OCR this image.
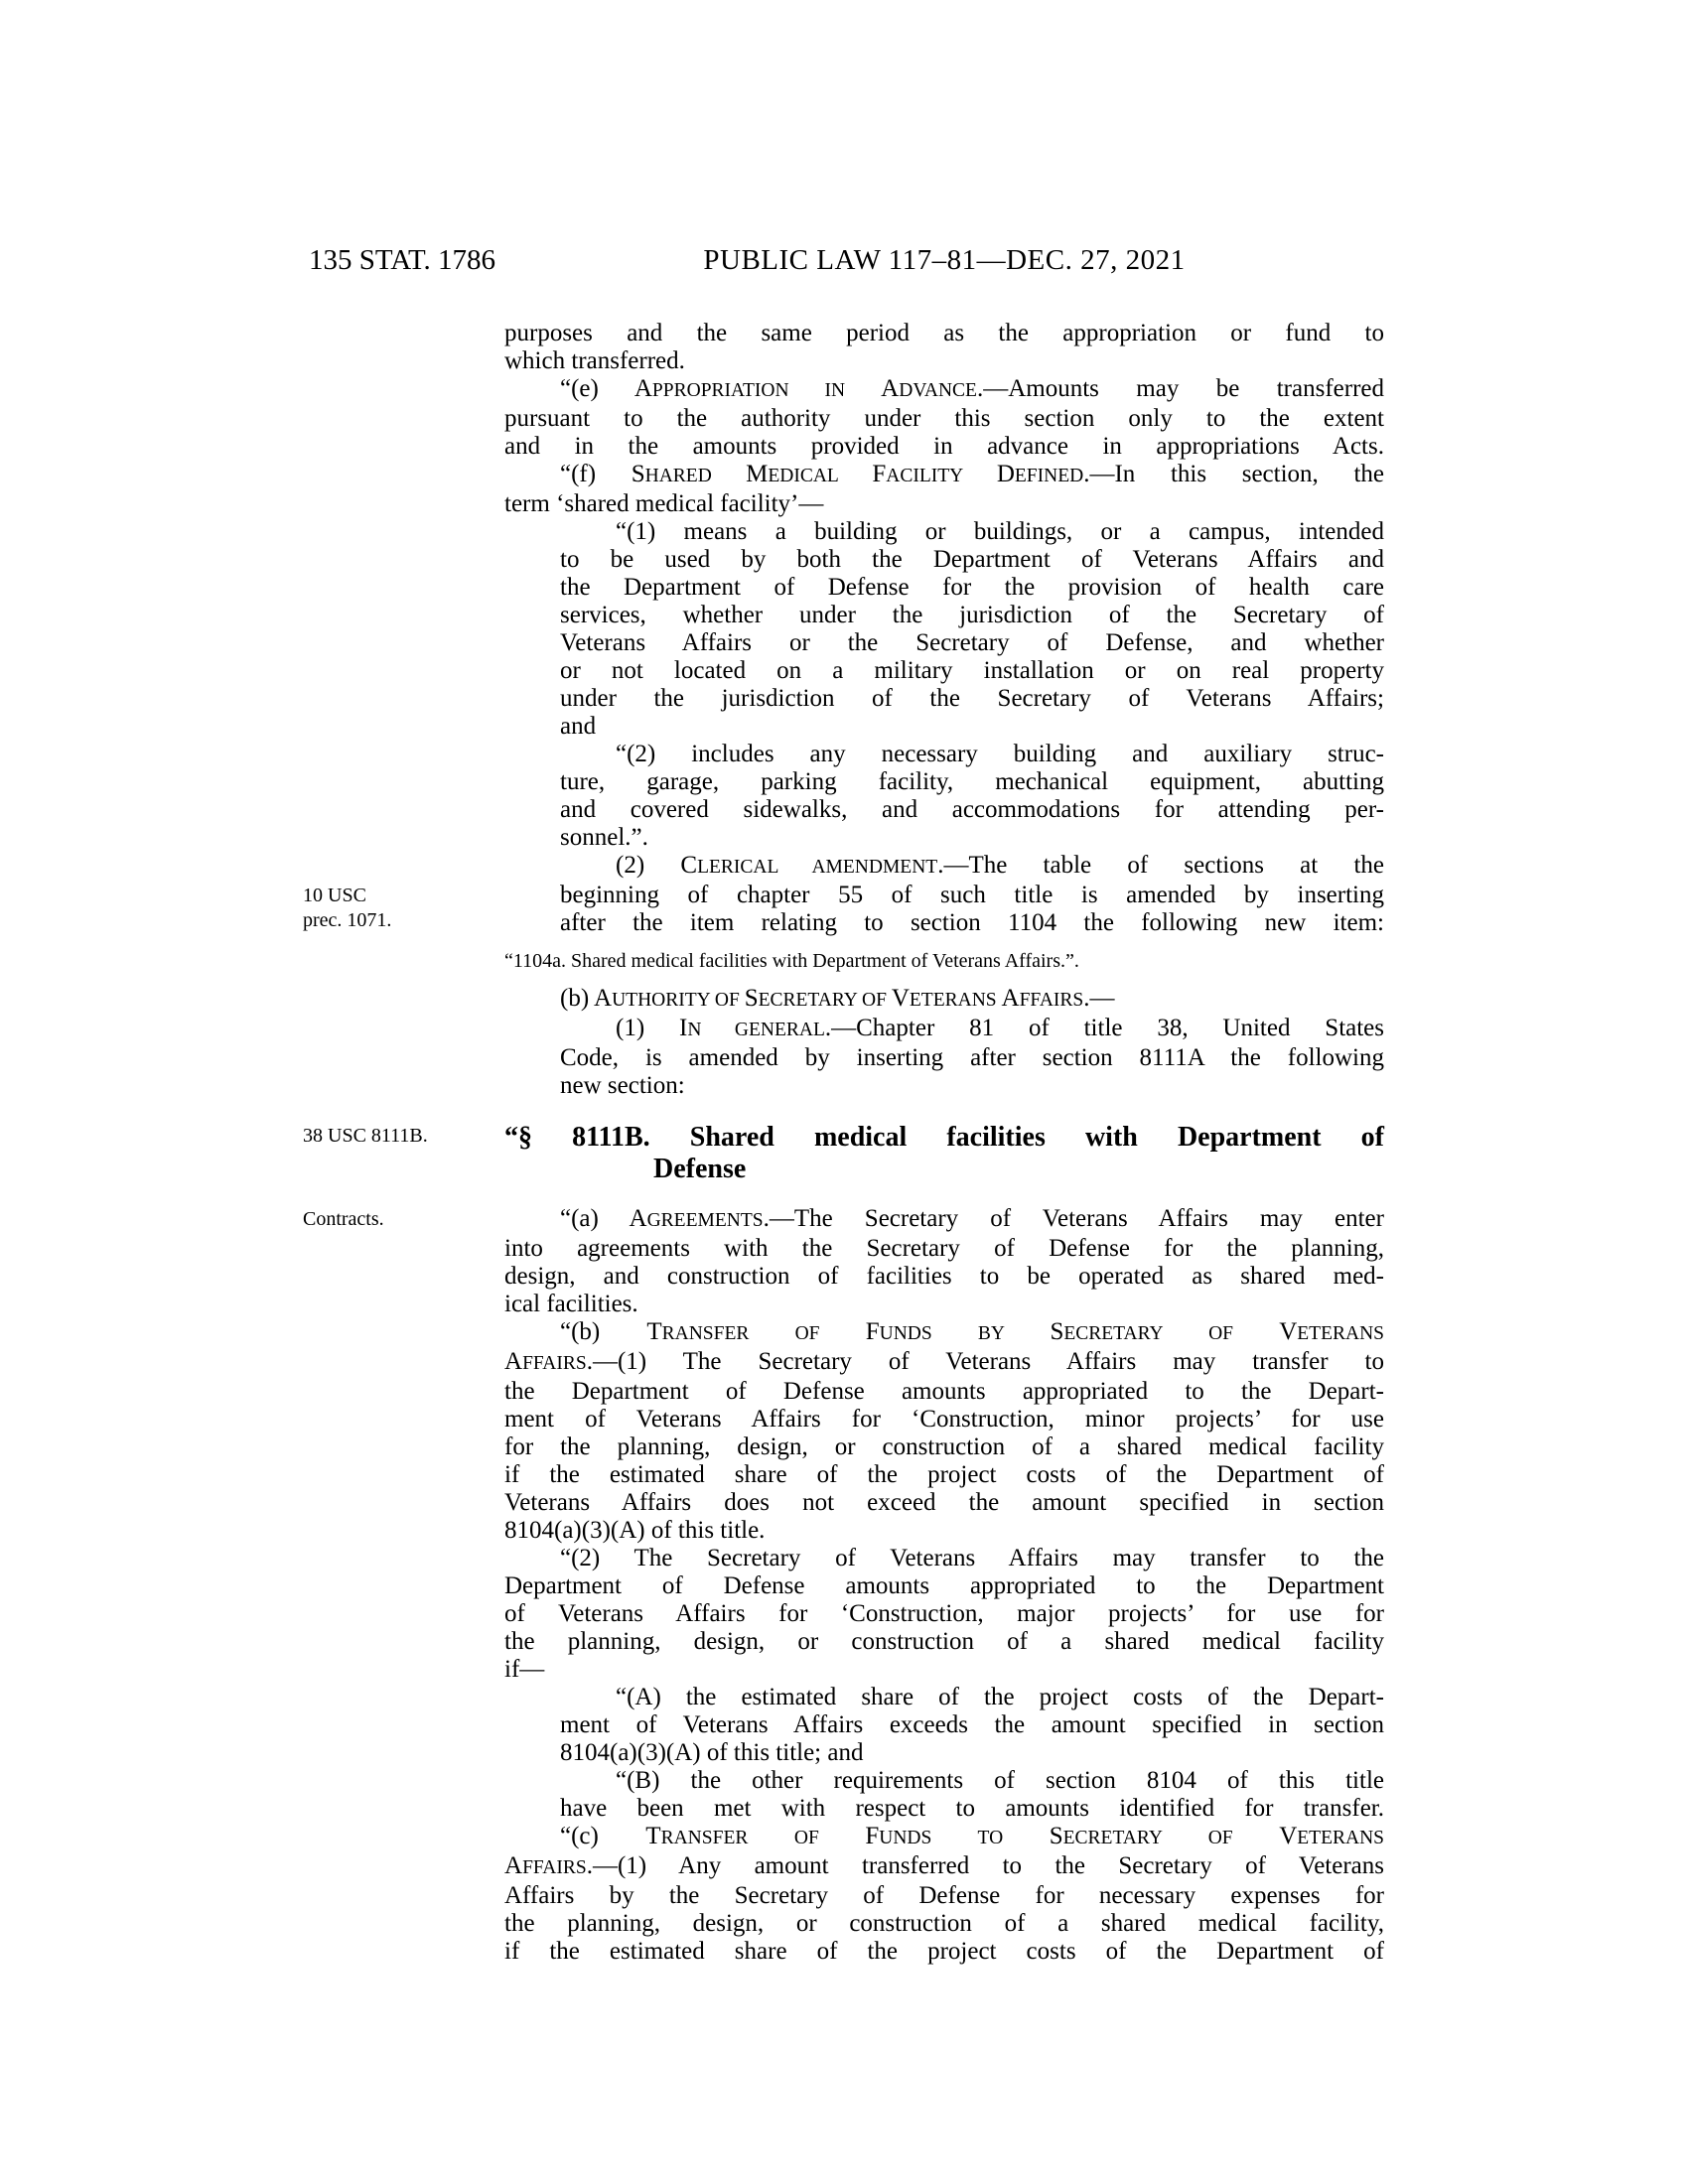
135 STAT. 1786	PUBLIC LAW 117–81—DEC. 27, 2021
10 USC
prec. 1071.
38 USC 8111B.
Contracts.
purposes and the same period as the appropriation or fund to
which transferred.
“(e) APPROPRIATION IN ADVANCE.—Amounts may be transferred
pursuant to the authority under this section only to the extent
and in the amounts provided in advance in appropriations Acts.
“(f) SHARED MEDICAL FACILITY DEFINED.—In this section, the
term ‘shared medical facility’—
“(1) means a building or buildings, or a campus, intended
to be used by both the Department of Veterans Affairs and
the Department of Defense for the provision of health care
services, whether under the jurisdiction of the Secretary of
Veterans Affairs or the Secretary of Defense, and whether
or not located on a military installation or on real property
under the jurisdiction of the Secretary of Veterans Affairs;
and
“(2) includes any necessary building and auxiliary struc-
ture, garage, parking facility, mechanical equipment, abutting
and covered sidewalks, and accommodations for attending per-
sonnel.”.
(2) CLERICAL AMENDMENT.—The table of sections at the
beginning of chapter 55 of such title is amended by inserting
after the item relating to section 1104 the following new item:
“1104a. Shared medical facilities with Department of Veterans Affairs.”.
(b) AUTHORITY OF SECRETARY OF VETERANS AFFAIRS.—
(1) IN GENERAL.—Chapter 81 of title 38, United States
Code, is amended by inserting after section 8111A the following
new section:
“§ 8111B. Shared medical facilities with Department of
Defense
“(a) AGREEMENTS.—The Secretary of Veterans Affairs may enter
into agreements with the Secretary of Defense for the planning,
design, and construction of facilities to be operated as shared med-
ical facilities.
“(b) TRANSFER OF FUNDS BY SECRETARY OF VETERANS
AFFAIRS.—(1) The Secretary of Veterans Affairs may transfer to
the Department of Defense amounts appropriated to the Depart-
ment of Veterans Affairs for ‘Construction, minor projects’ for use
for the planning, design, or construction of a shared medical facility
if the estimated share of the project costs of the Department of
Veterans Affairs does not exceed the amount specified in section
8104(a)(3)(A) of this title.
“(2) The Secretary of Veterans Affairs may transfer to the
Department of Defense amounts appropriated to the Department
of Veterans Affairs for ‘Construction, major projects’ for use for
the planning, design, or construction of a shared medical facility
if—
“(A) the estimated share of the project costs of the Depart-
ment of Veterans Affairs exceeds the amount specified in section
8104(a)(3)(A) of this title; and
“(B) the other requirements of section 8104 of this title
have been met with respect to amounts identified for transfer.
“(c) TRANSFER OF FUNDS TO SECRETARY OF VETERANS
AFFAIRS.—(1) Any amount transferred to the Secretary of Veterans
Affairs by the Secretary of Defense for necessary expenses for
the planning, design, or construction of a shared medical facility,
if the estimated share of the project costs of the Department of
